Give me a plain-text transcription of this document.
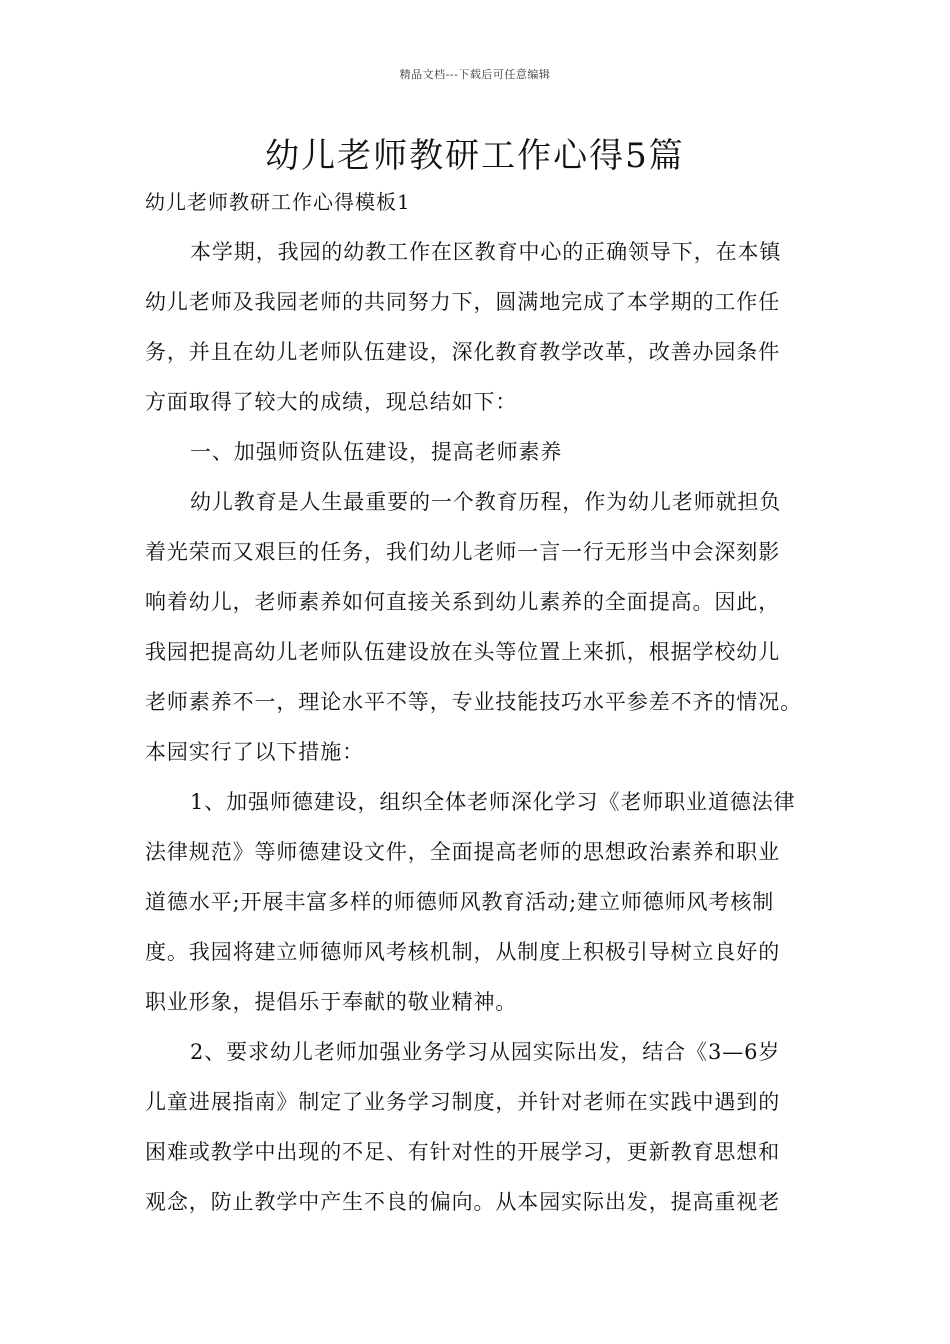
精品文档---下载后可任意编辑
幼儿老师教研工作心得5篇
幼儿老师教研工作心得模板1
本学期，我园的幼教工作在区教育中心的正确领导下，在本镇
幼儿老师及我园老师的共同努力下，圆满地完成了本学期的工作任
务，并且在幼儿老师队伍建设，深化教育教学改革，改善办园条件
方面取得了较大的成绩，现总结如下：
一、加强师资队伍建设，提高老师素养
幼儿教育是人生最重要的一个教育历程，作为幼儿老师就担负
着光荣而又艰巨的任务，我们幼儿老师一言一行无形当中会深刻影
响着幼儿，老师素养如何直接关系到幼儿素养的全面提高。因此，
我园把提高幼儿老师队伍建设放在头等位置上来抓，根据学校幼儿
老师素养不一，理论水平不等，专业技能技巧水平参差不齐的情况。
本园实行了以下措施：
1、加强师德建设，组织全体老师深化学习《老师职业道德法律
法律规范》等师德建设文件，全面提高老师的思想政治素养和职业
道德水平;开展丰富多样的师德师风教育活动;建立师德师风考核制
度。我园将建立师德师风考核机制，从制度上积极引导树立良好的
职业形象，提倡乐于奉献的敬业精神。
2、要求幼儿老师加强业务学习从园实际出发，结合《3—6岁
儿童进展指南》制定了业务学习制度，并针对老师在实践中遇到的
困难或教学中出现的不足、有针对性的开展学习，更新教育思想和
观念，防止教学中产生不良的偏向。从本园实际出发，提高重视老
